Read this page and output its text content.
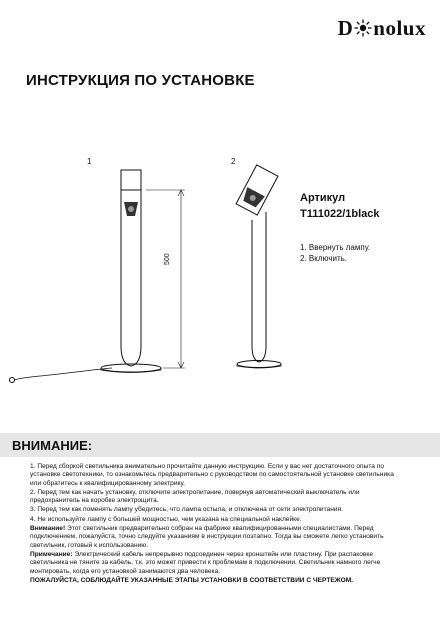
D nolux
ИНСТРУКЦИЯ ПО УСТАНОВКЕ
1	2
500
Артикул
T111022/1black
1. Ввернуть лампу.
2. Включить.
ВНИМАНИЕ:

1. Перед сборкой светильника внимательно прочитайте данную инструкцию. Если у вас нет достаточного опыта по установке светотехники, то ознакомьтесь предварительно с руководством по самостоятельной установке светильника или обратитесь к квалифицированному электрику.

2. Перед тем как начать установку, отключите электропитание, повернув автоматический выключатель или предохранитель на коробке электрощита.

3. Перед тем как поменять лампу убедитесь, что лампа остыла, и отключена от сети электропитания.

4. Не используйте лампу с большей мощностью, чем указана на специальной наклейке.

Внимание! Этот светильник предварительно собран на фабрике квалифицированными специалистами. Перед подключением, пожалуйста, точно следуйте указаниям в инструкции поэтапно. Тогда вы сможете легко установить светильник, готовый к использованию.

Примечание: Электрический кабель непрерывно подсоединен через кронштейн или пластину. При распаковке светильника не тяните за кабель, т.к. это может привести к проблемам в подключении. Светильник намного легче монтировать, когда его установкой занимаются два человека.

ПОЖАЛУЙСТА, СОБЛЮДАЙТЕ УКАЗАННЫЕ ЭТАПЫ УСТАНОВКИ В СООТВЕТСТВИИ С ЧЕРТЕЖОМ.
